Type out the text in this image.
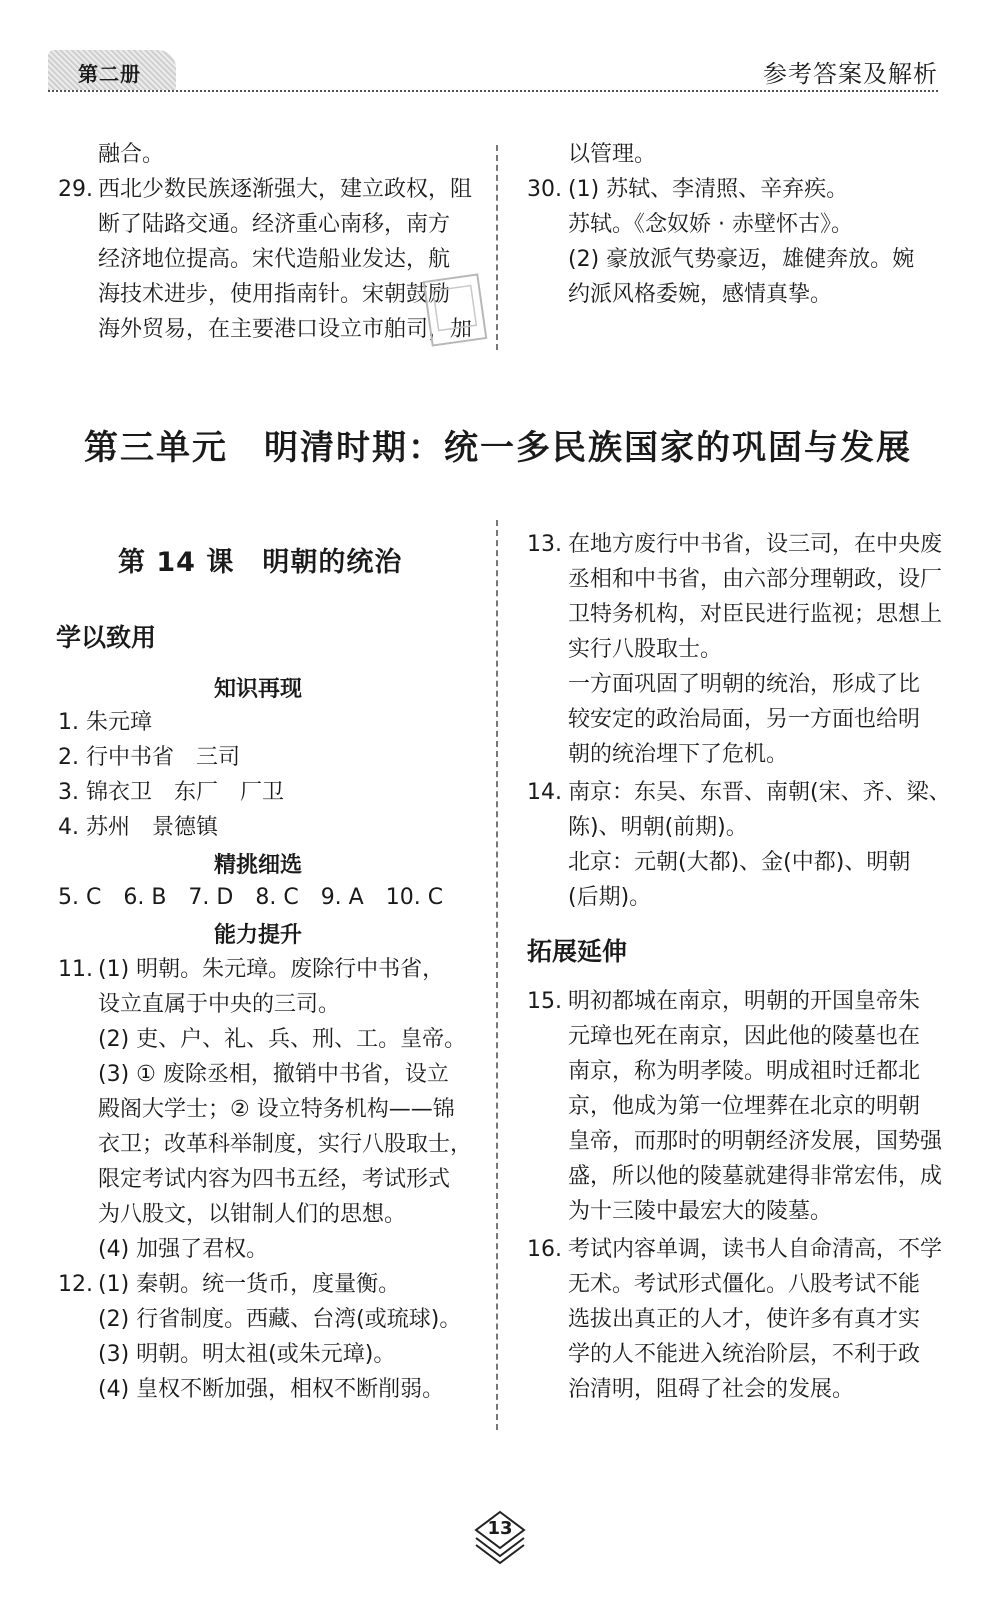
第二册	参考答案及解析
融合。
29. 西北少数民族逐渐强大，建立政权，阻
断了陆路交通。经济重心南移，南方
经济地位提高。宋代造船业发达，航
海技术进步，使用指南针。宋朝鼓励
海外贸易，在主要港口设立市舶司，加
以管理。
30. (1) 苏轼、李清照、辛弃疾。
苏轼。《念奴娇 · 赤壁怀古》。
(2) 豪放派气势豪迈，雄健奔放。婉
约派风格委婉，感情真挚。
第三单元　明清时期：统一多民族国家的巩固与发展
第 14 课　明朝的统治
学以致用
知识再现
1. 朱元璋
2. 行中书省　三司
3. 锦衣卫　东厂　厂卫
4. 苏州　景德镇
精挑细选
5. C　6. B　7. D　8. C　9. A　10. C
能力提升
11. (1) 明朝。朱元璋。废除行中书省，
设立直属于中央的三司。
(2) 吏、户、礼、兵、刑、工。皇帝。
(3) ① 废除丞相，撤销中书省，设立
殿阁大学士；② 设立特务机构——锦
衣卫；改革科举制度，实行八股取士，
限定考试内容为四书五经，考试形式
为八股文，以钳制人们的思想。
(4) 加强了君权。
12. (1) 秦朝。统一货币，度量衡。
(2) 行省制度。西藏、台湾(或琉球)。
(3) 明朝。明太祖(或朱元璋)。
(4) 皇权不断加强，相权不断削弱。
13. 在地方废行中书省，设三司，在中央废
丞相和中书省，由六部分理朝政，设厂
卫特务机构，对臣民进行监视；思想上
实行八股取士。
一方面巩固了明朝的统治，形成了比
较安定的政治局面，另一方面也给明
朝的统治埋下了危机。
14. 南京：东吴、东晋、南朝(宋、齐、梁、
陈)、明朝(前期)。
北京：元朝(大都)、金(中都)、明朝
(后期)。
拓展延伸
15. 明初都城在南京，明朝的开国皇帝朱
元璋也死在南京，因此他的陵墓也在
南京，称为明孝陵。明成祖时迁都北
京，他成为第一位埋葬在北京的明朝
皇帝，而那时的明朝经济发展，国势强
盛，所以他的陵墓就建得非常宏伟，成
为十三陵中最宏大的陵墓。
16. 考试内容单调，读书人自命清高，不学
无术。考试形式僵化。八股考试不能
选拔出真正的人才，使许多有真才实
学的人不能进入统治阶层，不利于政
治清明，阻碍了社会的发展。
13
